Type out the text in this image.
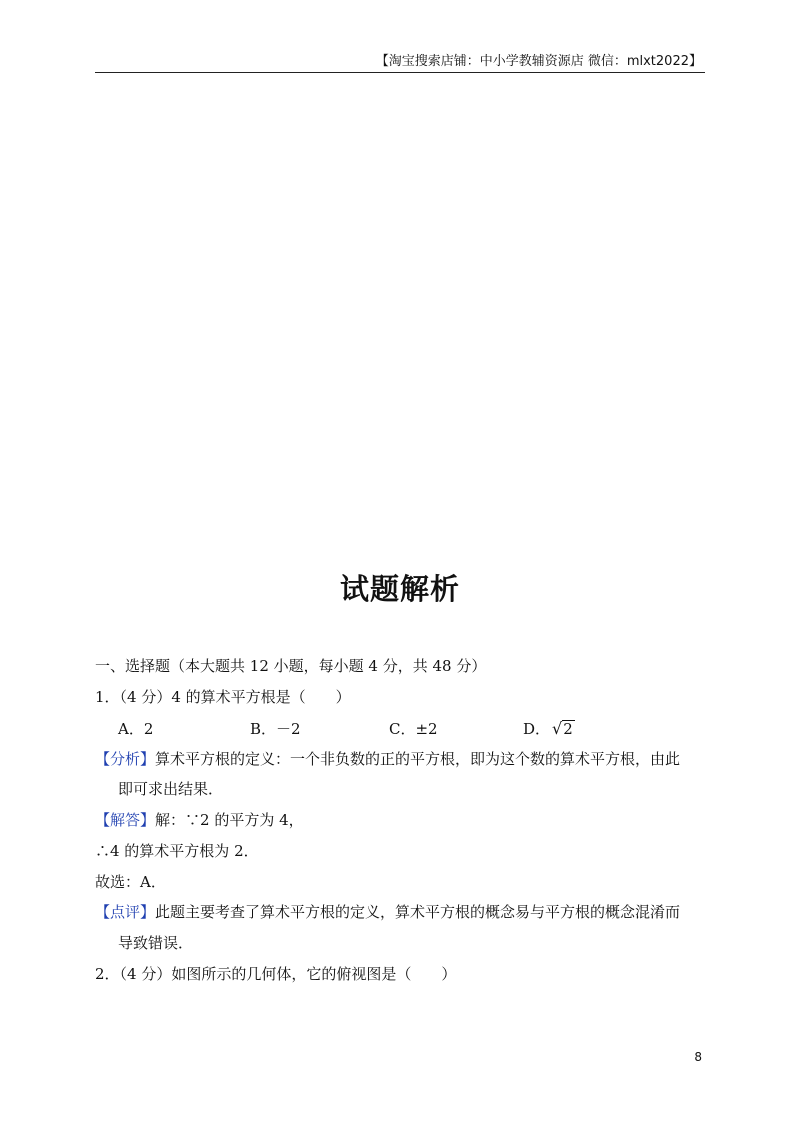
【淘宝搜索店铺：中小学教辅资源店 微信：mlxt2022】
试题解析
一、选择题（本大题共 12 小题，每小题 4 分，共 48 分）
1．（4 分）4 的算术平方根是（　　）
A．2	B．－2	C．±2	D． √2
【分析】算术平方根的定义：一个非负数的正的平方根，即为这个数的算术平方根，由此
即可求出结果．
【解答】解：∵2 的平方为 4，
∴4 的算术平方根为 2．
故选：A．
【点评】此题主要考查了算术平方根的定义，算术平方根的概念易与平方根的概念混淆而
导致错误．
2．（4 分）如图所示的几何体，它的俯视图是（　　）
8
